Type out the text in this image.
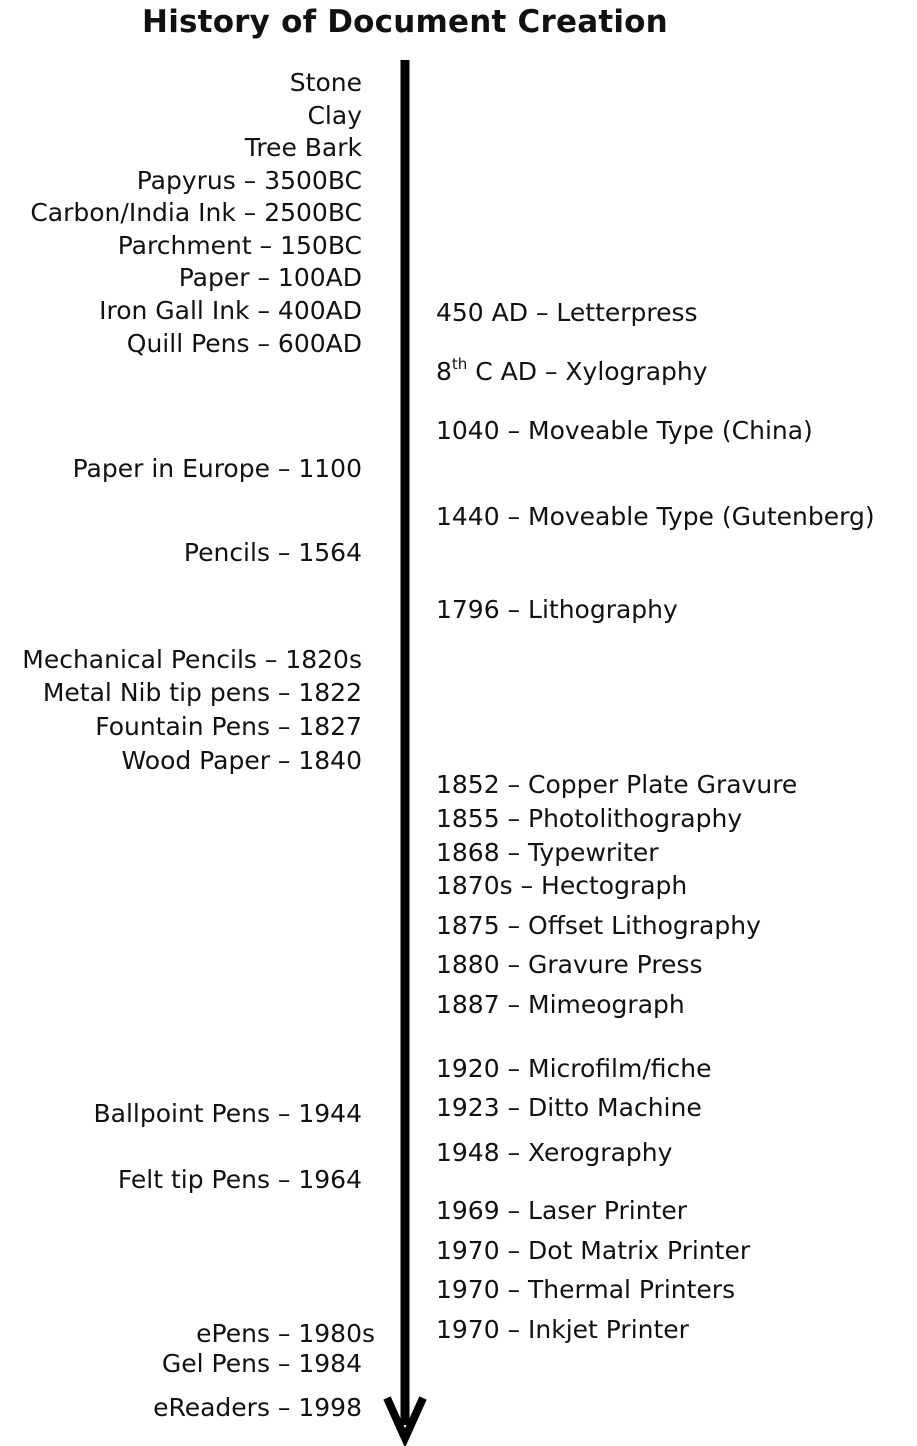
History of Document Creation
Stone
Clay
Tree Bark
Papyrus – 3500BC
Carbon/India Ink – 2500BC
Parchment – 150BC
Paper – 100AD
Iron Gall Ink – 400AD
Quill Pens – 600AD
Paper in Europe – 1100
Pencils – 1564
Mechanical Pencils – 1820s
Metal Nib tip pens – 1822
Fountain Pens – 1827
Wood Paper – 1840
Ballpoint Pens – 1944
Felt tip Pens – 1964
ePens – 1980s
Gel Pens – 1984
eReaders – 1998
450 AD – Letterpress
8th C AD – Xylography
1040 – Moveable Type (China)
1440 – Moveable Type (Gutenberg)
1796 – Lithography
1852 – Copper Plate Gravure
1855 – Photolithography
1868 – Typewriter
1870s – Hectograph
1875 – Offset Lithography
1880 – Gravure Press
1887 – Mimeograph
1920 – Microfilm/fiche
1923 – Ditto Machine
1948 – Xerography
1969 – Laser Printer
1970 – Dot Matrix Printer
1970 – Thermal Printers
1970 – Inkjet Printer
